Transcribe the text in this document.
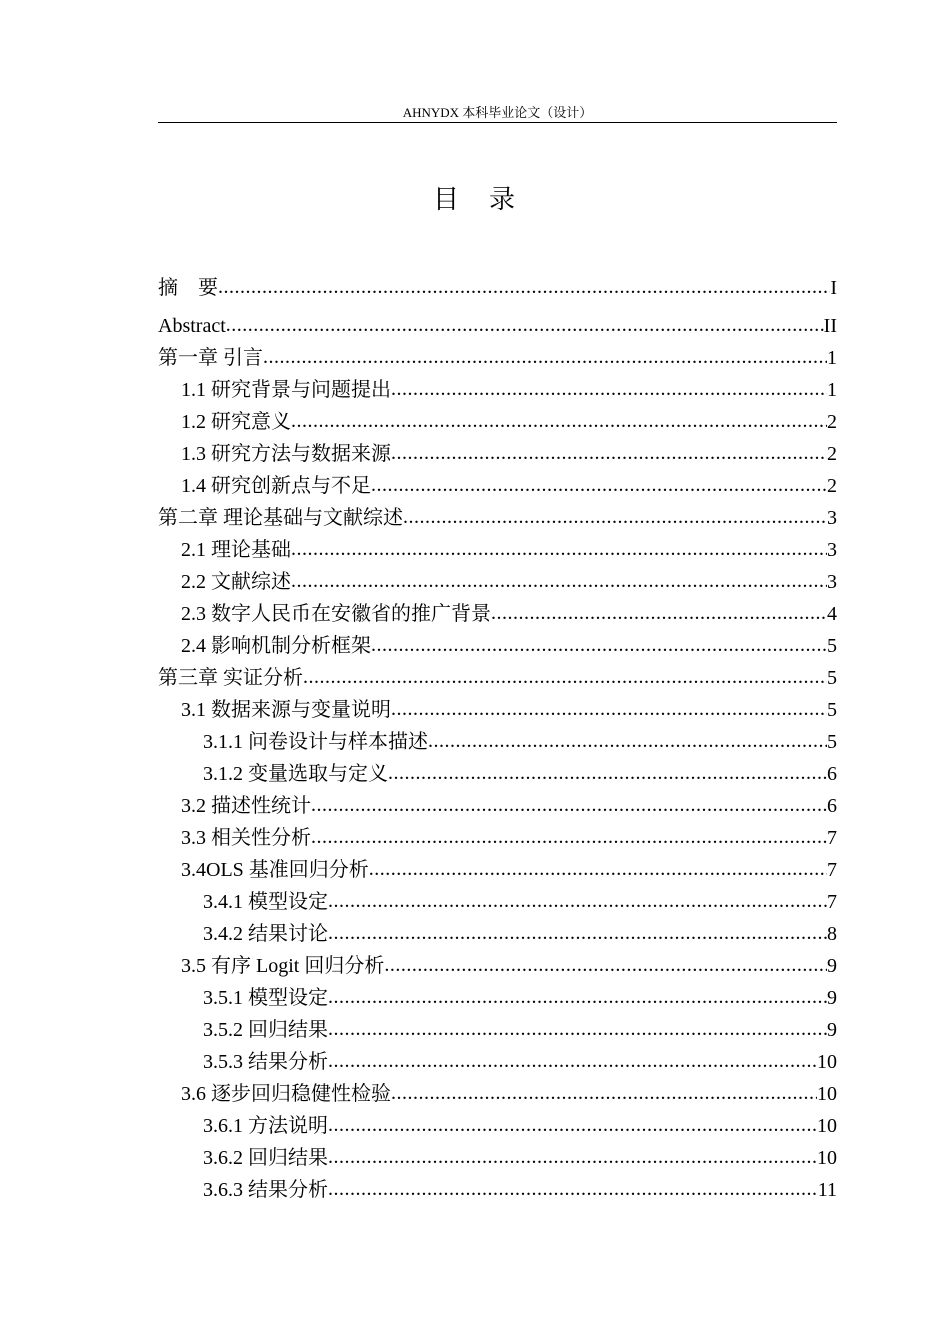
AHNYDX 本科毕业论文（设计）
目　录
摘　要 .....	I
Abstract .....	II
第一章 引言 .....	1
1.1 研究背景与问题提出 .....	1
1.2 研究意义 .....	2
1.3 研究方法与数据来源 .....	2
1.4 研究创新点与不足 .....	2
第二章 理论基础与文献综述 .....	3
2.1 理论基础 .....	3
2.2 文献综述 .....	3
2.3 数字人民币在安徽省的推广背景 .....	4
2.4 影响机制分析框架 .....	5
第三章 实证分析 .....	5
3.1 数据来源与变量说明 .....	5
3.1.1 问卷设计与样本描述 .....	5
3.1.2 变量选取与定义 .....	6
3.2 描述性统计 .....	6
3.3 相关性分析 .....	7
3.4OLS 基准回归分析 .....	7
3.4.1 模型设定 .....	7
3.4.2 结果讨论 .....	8
3.5 有序 Logit 回归分析 .....	9
3.5.1 模型设定 .....	9
3.5.2 回归结果 .....	9
3.5.3 结果分析 .....	10
3.6 逐步回归稳健性检验 .....	10
3.6.1 方法说明 .....	10
3.6.2 回归结果 .....	10
3.6.3 结果分析 .....	11
